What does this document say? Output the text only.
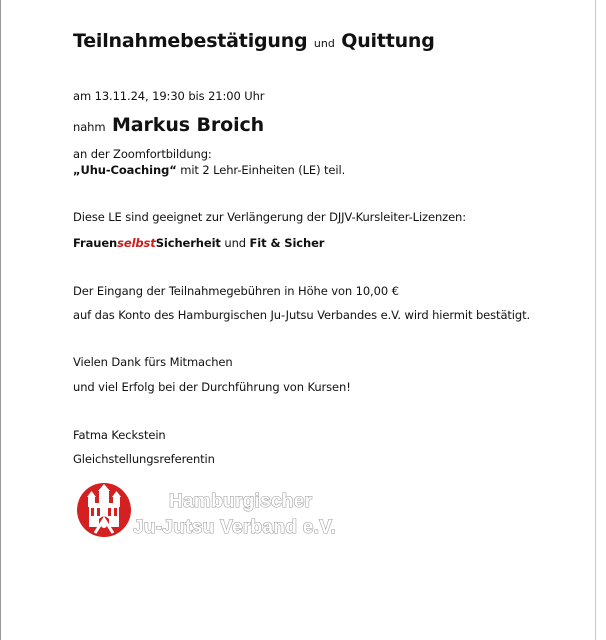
Teilnahmebestätigung und Quittung
am 13.11.24, 19:30 bis 21:00 Uhr
nahm Markus Broich
an der Zoomfortbildung:
„Uhu-Coaching“ mit 2 Lehr-Einheiten (LE) teil.
Diese LE sind geeignet zur Verlängerung der DJJV-Kursleiter-Lizenzen:
FrauenselbstSicherheit und Fit & Sicher
Der Eingang der Teilnahmegebühren in Höhe von 10,00 €
auf das Konto des Hamburgischen Ju-Jutsu Verbandes e.V. wird hiermit bestätigt.
Vielen Dank fürs Mitmachen
und viel Erfolg bei der Durchführung von Kursen!
Fatma Keckstein
Gleichstellungsreferentin
Hamburgischer
Ju-Jutsu Verband e.V.
